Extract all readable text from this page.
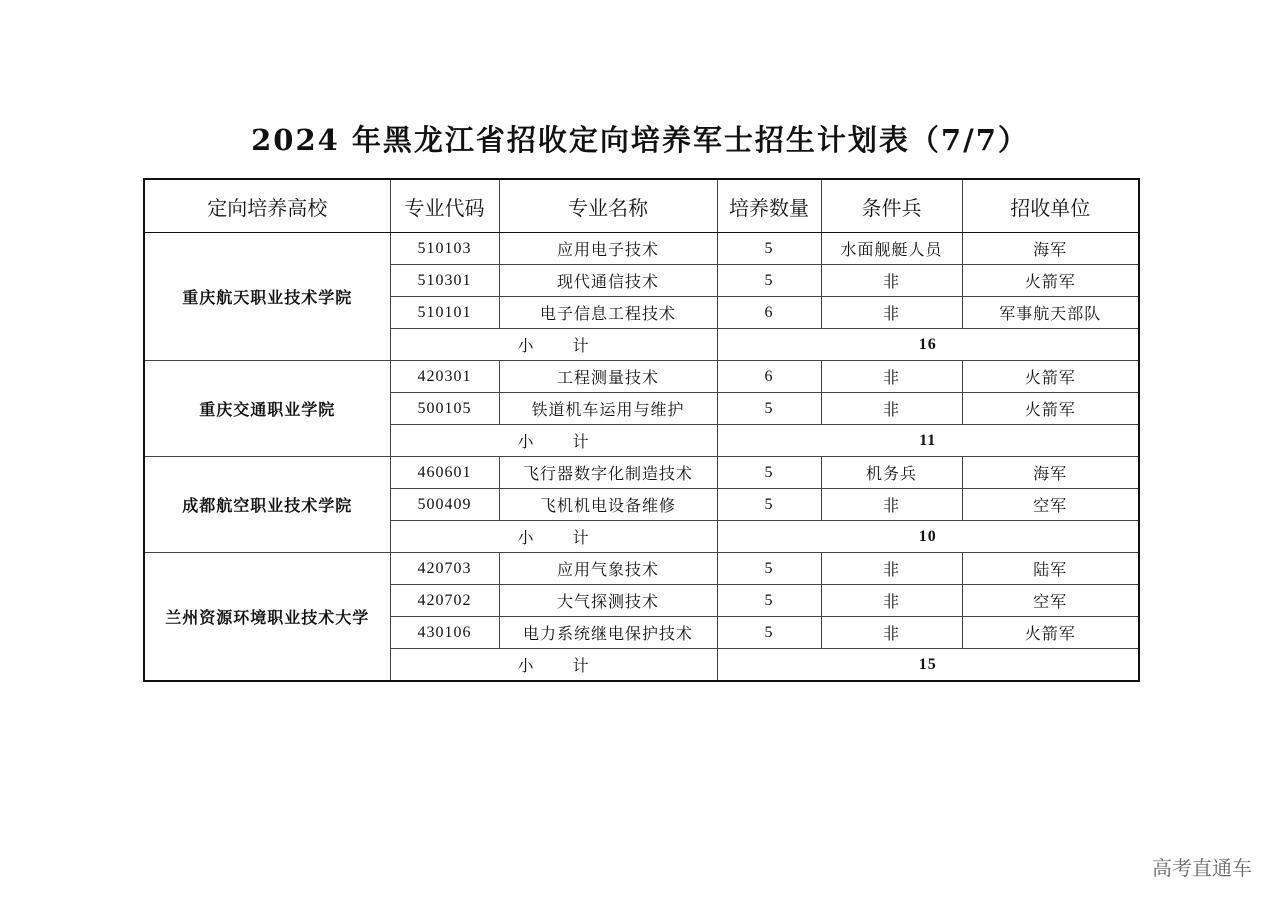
2024 年黑龙江省招收定向培养军士招生计划表（7/7）
定向培养高校	专业代码	专业名称	培养数量	条件兵	招收单位
重庆航天职业技术学院	510103	应用电子技术	5	水面舰艇人员	海军
	510301	现代通信技术	5	非	火箭军
	510101	电子信息工程技术	6	非	军事航天部队
	小 计		16		
重庆交通职业学院	420301	工程测量技术	6	非	火箭军
	500105	铁道机车运用与维护	5	非	火箭军
	小 计		11		
成都航空职业技术学院	460601	飞行器数字化制造技术	5	机务兵	海军
	500409	飞机机电设备维修	5	非	空军
	小 计		10		
兰州资源环境职业技术大学	420703	应用气象技术	5	非	陆军
	420702	大气探测技术	5	非	空军
	430106	电力系统继电保护技术	5	非	火箭军
	小 计		15		
高考直通车
